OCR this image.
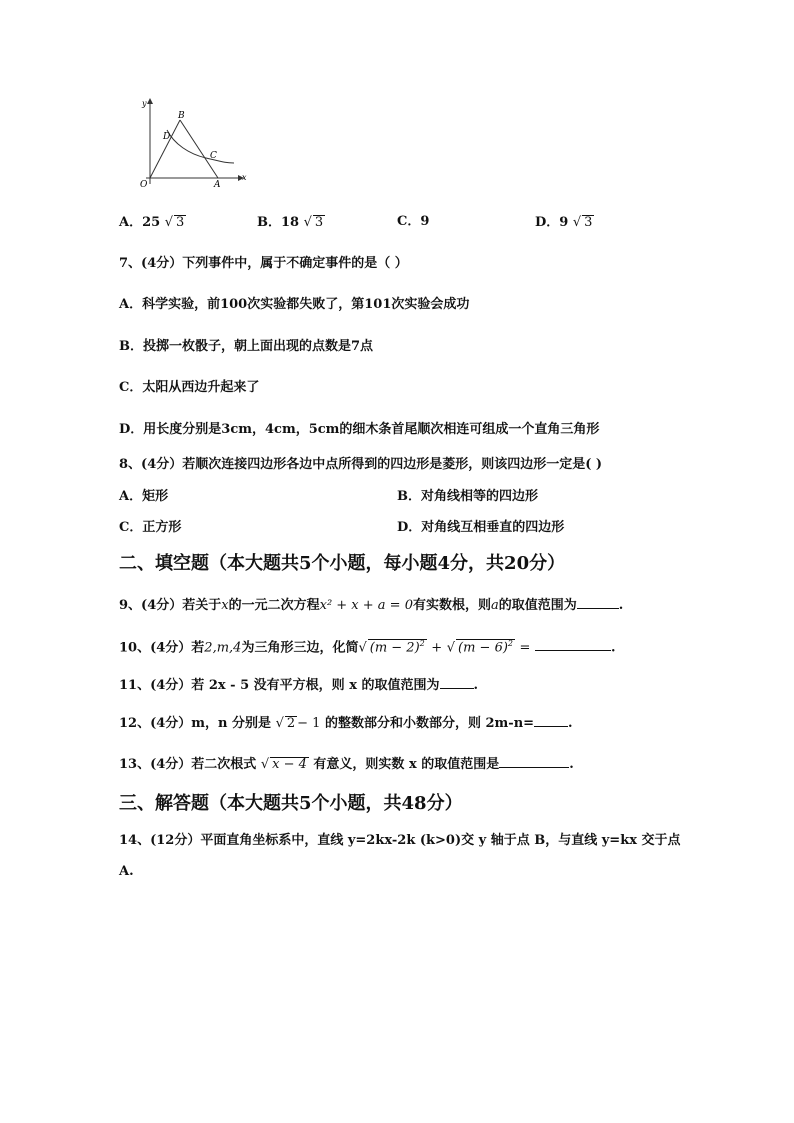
y
x
O	A
B
C
D
A．25 √ 3	B．18 √ 3	C．9	D．9 √ 3
7、(4分）下列事件中，属于不确定事件的是（ ）
A．科学实验，前100次实验都失败了，第101次实验会成功
B．投掷一枚骰子，朝上面出现的点数是7点
C．太阳从西边升起来了
D．用长度分别是3cm，4cm，5cm的细木条首尾顺次相连可组成一个直角三角形
8、(4分）若顺次连接四边形各边中点所得到的四边形是菱形，则该四边形一定是( )
A．矩形	B．对角线相等的四边形
C．正方形	D．对角线互相垂直的四边形
二、填空题（本大题共5个小题，每小题4分，共20分）
9、(4分）若关于x的一元二次方程x² + x + a = 0有实数根，则a的取值范围为	.
10、(4分）若2,m,4为三角形三边，化简√ $(m - 2)^2$ + √ $(m - 6)^2$ =	.
11、(4分）若 2x - 5 没有平方根，则 x 的取值范围为	.
12、(4分）m，n 分别是 √ 2 − 1 的整数部分和小数部分，则 2m-n=	.
13、(4分）若二次根式 √ x − 4 有意义，则实数 x 的取值范围是	.
三、解答题（本大题共5个小题，共48分）
14、(12分）平面直角坐标系中，直线 y=2kx-2k (k>0)交 y 轴于点 B，与直线 y=kx 交于点
A.
